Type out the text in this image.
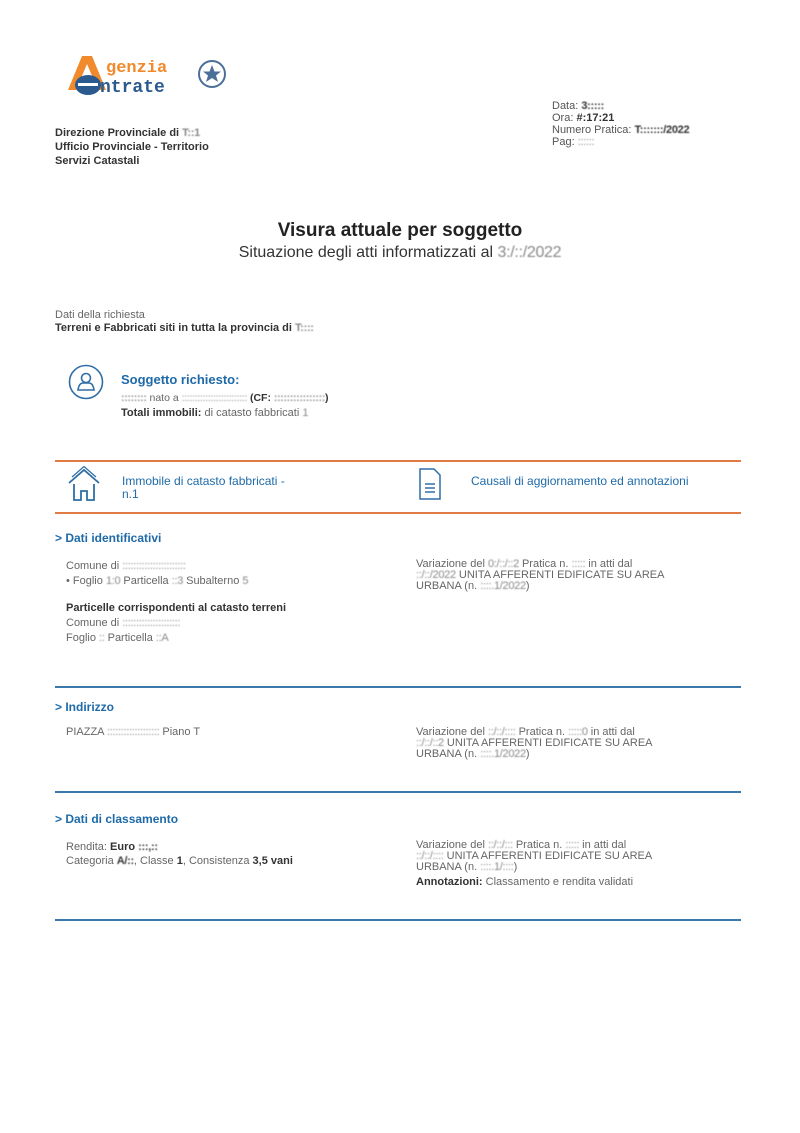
genzia
ntrate
Direzione Provinciale di T::1
Ufficio Provinciale - Territorio
Servizi Catastali
Data: 3:::::
Ora: #:17:21
Numero Pratica: T:::::::/2022
Pag: ::::::
Visura attuale per soggetto
Situazione degli atti informatizzati al 3:/::/2022
Dati della richiesta
Terreni e Fabbricati siti in tutta la provincia di T::::
Soggetto richiesto:
:::::::: nato a ::::::::::::::::::::::::: (CF: ::::::::::::::::)
Totali immobili: di catasto fabbricati 1
Immobile di catasto fabbricati -
n.1
Causali di aggiornamento ed annotazioni
> Dati identificativi
Comune di :::::::::::::::::::::::
• Foglio 1:0 Particella ::3 Subalterno 5
Particelle corrispondenti al catasto terreni
Comune di :::::::::::::::::::::
Foglio :: Particella ::A
Variazione del 0:/::/::2 Pratica n. ::::: in atti dal
::/::/2022 UNITA AFFERENTI EDIFICATE SU AREA
URBANA (n. ::::.1/2022)
> Indirizzo
PIAZZA ::::::::::::::::::: Piano T	Variazione del ::/::/:::: Pratica n. :::::0 in atti dal
::/::/::2 UNITA AFFERENTI EDIFICATE SU AREA
URBANA (n. ::::.1/2022)
> Dati di classamento
Rendita: Euro :::,::
Categoria A/::, Classe 1, Consistenza 3,5 vani
Variazione del ::/::/::: Pratica n. ::::: in atti dal
::/::/:::: UNITA AFFERENTI EDIFICATE SU AREA
URBANA (n. ::::.1/::::)
Annotazioni: Classamento e rendita validati
